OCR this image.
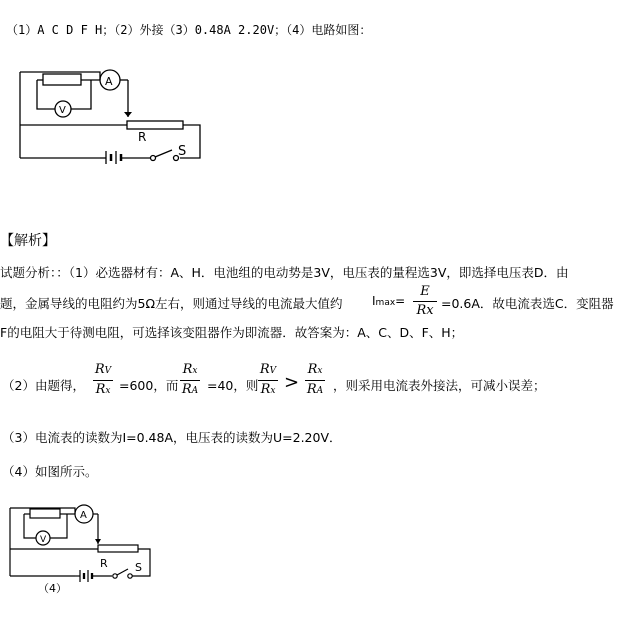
（1）A C D F H；（2）外接（3）0.48A 2.20V；（4）电路如图：
A
V
R
S
【解析】
试题分析：：（1）必选器材有：A、H．电池组的电动势是3V，电压表的量程选3V，即选择电压表D．由
题，金属导线的电阻约为5Ω左右，则通过导线的电流最大值约 Imax=
E
Rx =0.6A．故电流表选C．变阻器
F的电阻大于待测电阻，可选择该变阻器作为即流器．故答案为：A、C、D、F、H；
（2）由题得，
RV
Rx =600，而
Rx
RA =40，则
RV
Rx >
Rx
RA ，则采用电流表外接法，可减小误差；
（3）电流表的读数为I=0.48A，电压表的读数为U=2.20V．
（4）如图所示。
A
V
R S
（4）
